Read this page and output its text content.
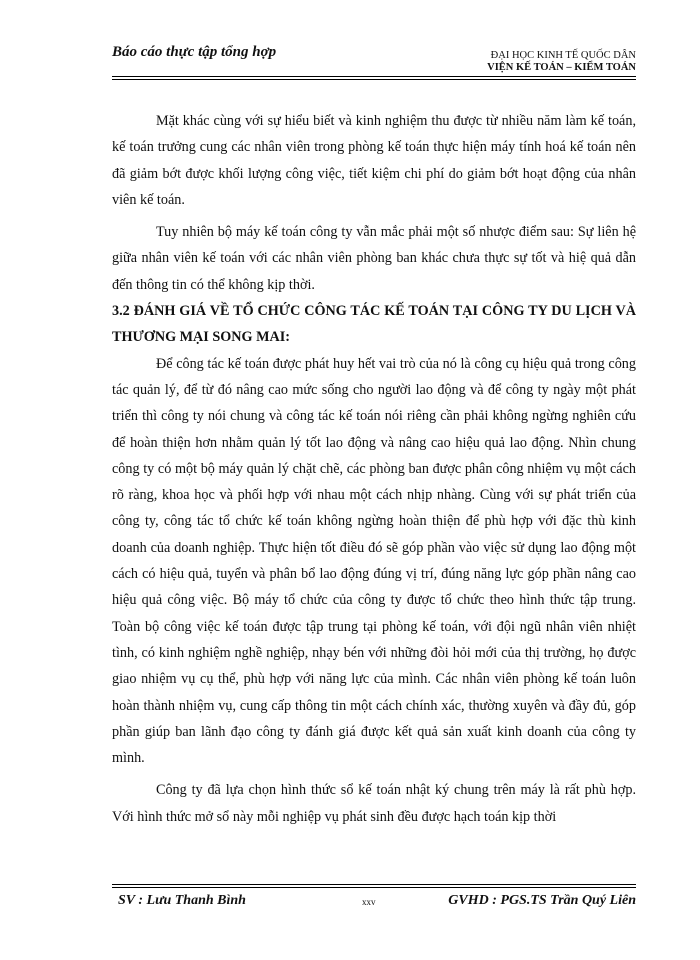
Báo cáo thực tập tổng hợp	ĐẠI HỌC KINH TẾ QUỐC DÂN
VIỆN KẾ TOÁN – KIỂM TOÁN

Mặt khác cùng với sự hiểu biết và kinh nghiệm thu được từ nhiều năm làm kế toán, kế toán trưởng cung các nhân viên trong phòng kế toán thực hiện máy tính hoá kế toán nên đã giảm bớt được khối lượng công việc, tiết kiệm chi phí do giảm bớt hoạt động của nhân viên kế toán.

Tuy nhiên bộ máy kế toán công ty vẫn mắc phải một số nhược điểm sau: Sự liên hệ giữa nhân viên kế toán với các nhân viên phòng ban khác chưa thực sự tốt và hiệ quả dẫn đến thông tin có thể không kịp thời.

3.2 ĐÁNH GIÁ VỀ TỔ CHỨC CÔNG TÁC KẾ TOÁN TẠI CÔNG TY DU LỊCH VÀ THƯƠNG MẠI SONG MAI:

Để công tác kế toán được phát huy hết vai trò của nó là công cụ hiệu quả trong công tác quản lý, để từ đó nâng cao mức sống cho người lao động và để công ty ngày một phát triển thì công ty nói chung và công tác kế toán nói riêng cần phải không ngừng nghiên cứu để hoàn thiện hơn nhằm quản lý tốt lao động và nâng cao hiệu quả lao động. Nhìn chung công ty có một bộ máy quản lý chặt chẽ, các phòng ban được phân công nhiệm vụ một cách rõ ràng, khoa học và phối hợp với nhau một cách nhịp nhàng. Cùng với sự phát triển của công ty, công tác tổ chức kế toán không ngừng hoàn thiện để phù hợp với đặc thù kinh doanh của doanh nghiệp. Thực hiện tốt điều đó sẽ góp phần vào việc sử dụng lao động một cách có hiệu quả, tuyển và phân bổ lao động đúng vị trí, đúng năng lực góp phần nâng cao hiệu quả công việc. Bộ máy tổ chức của công ty được tổ chức theo hình thức tập trung. Toàn bộ công việc kế toán được tập trung tại phòng kế toán, với đội ngũ nhân viên nhiệt tình, có kinh nghiệm nghề nghiệp, nhạy bén với những đòi hỏi mới của thị trường, họ được giao nhiệm vụ cụ thể, phù hợp với năng lực của mình. Các nhân viên phòng kế toán luôn hoàn thành nhiệm vụ, cung cấp thông tin một cách chính xác, thường xuyên và đầy đủ, góp phần giúp ban lãnh đạo công ty đánh giá được kết quả sản xuất kinh doanh của công ty mình.

Công ty đã lựa chọn hình thức sổ kế toán nhật ký chung trên máy là rất phù hợp. Với hình thức mở sổ này mỗi nghiệp vụ phát sinh đều được hạch toán kịp thời

SV : Lưu Thanh Bình	xxv	GVHD : PGS.TS Trần Quý Liên
